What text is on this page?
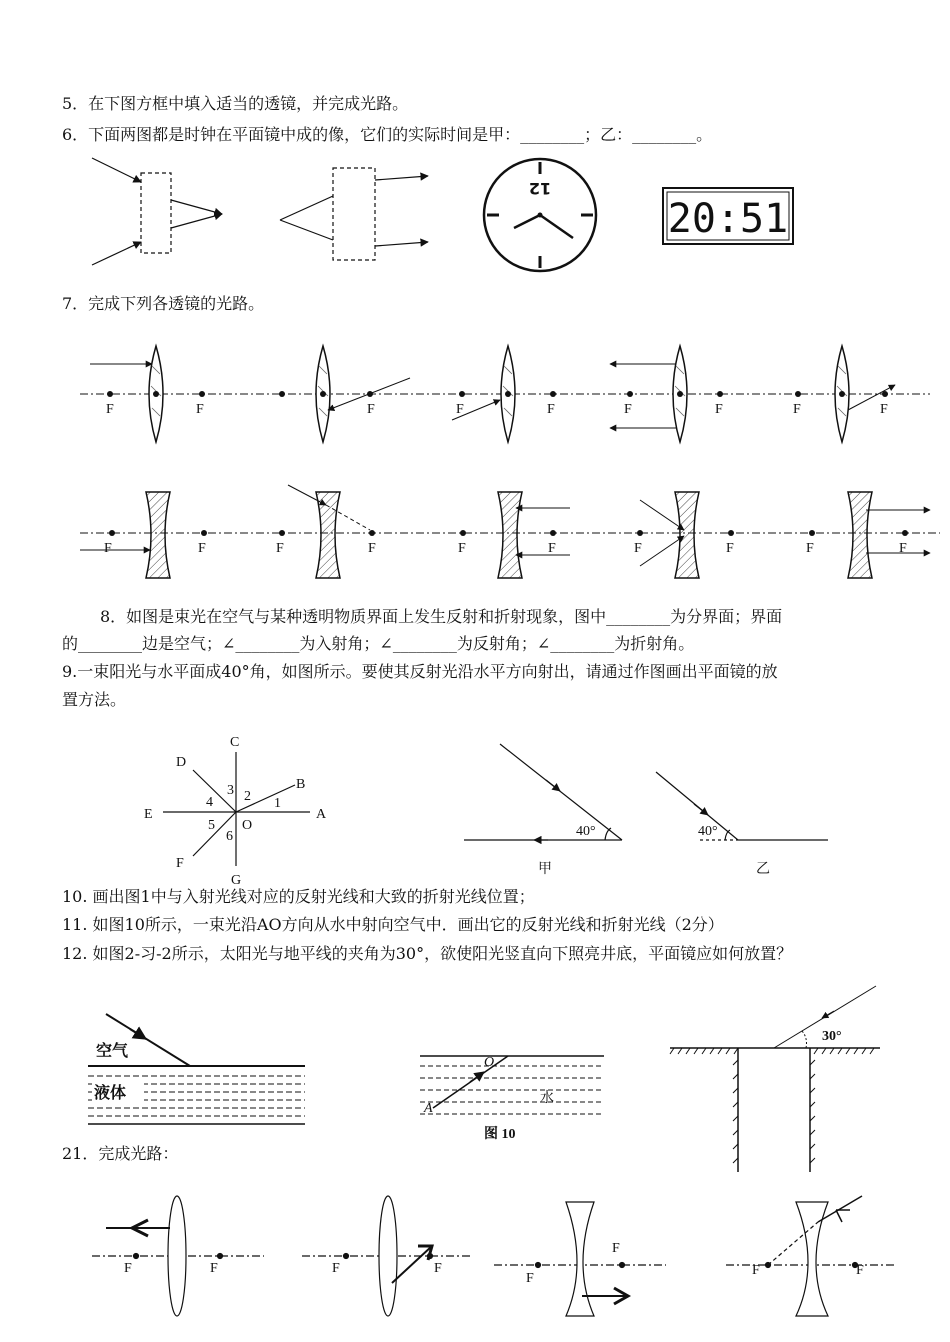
5．在下图方框中填入适当的透镜，并完成光路。
6．下面两图都是时钟在平面镜中成的像，它们的实际时间是甲：________；乙：________。
7．完成下列各透镜的光路。
8．如图是束光在空气与某种透明物质界面上发生反射和折射现象，图中________为分界面；界面
的________边是空气；∠________为入射角；∠________为反射角；∠________为折射角。
9.一束阳光与水平面成40°角，如图所示。要使其反射光沿水平方向射出，请通过作图画出平面镜的放
置方法。
10. 画出图1中与入射光线对应的反射光线和大致的折射光线位置；
11. 如图10所示，一束光沿AO方向从水中射向空气中．画出它的反射光线和折射光线（2分）
12. 如图2-习-2所示，太阳光与地平线的夹角为30°，欲使阳光竖直向下照亮井底，平面镜应如何放置？
21．完成光路：
12
20:51
F	F	F	F	F	F	F	F	F
F	F	F	F	F	F	F	F	F	F
C
D
B
E	A
F
G
O
1
2
3
4
5
6	40°
甲
40°
乙
空气
液体
O
A
水
图 10
30°
F	F	F	F
F
F
F	F
